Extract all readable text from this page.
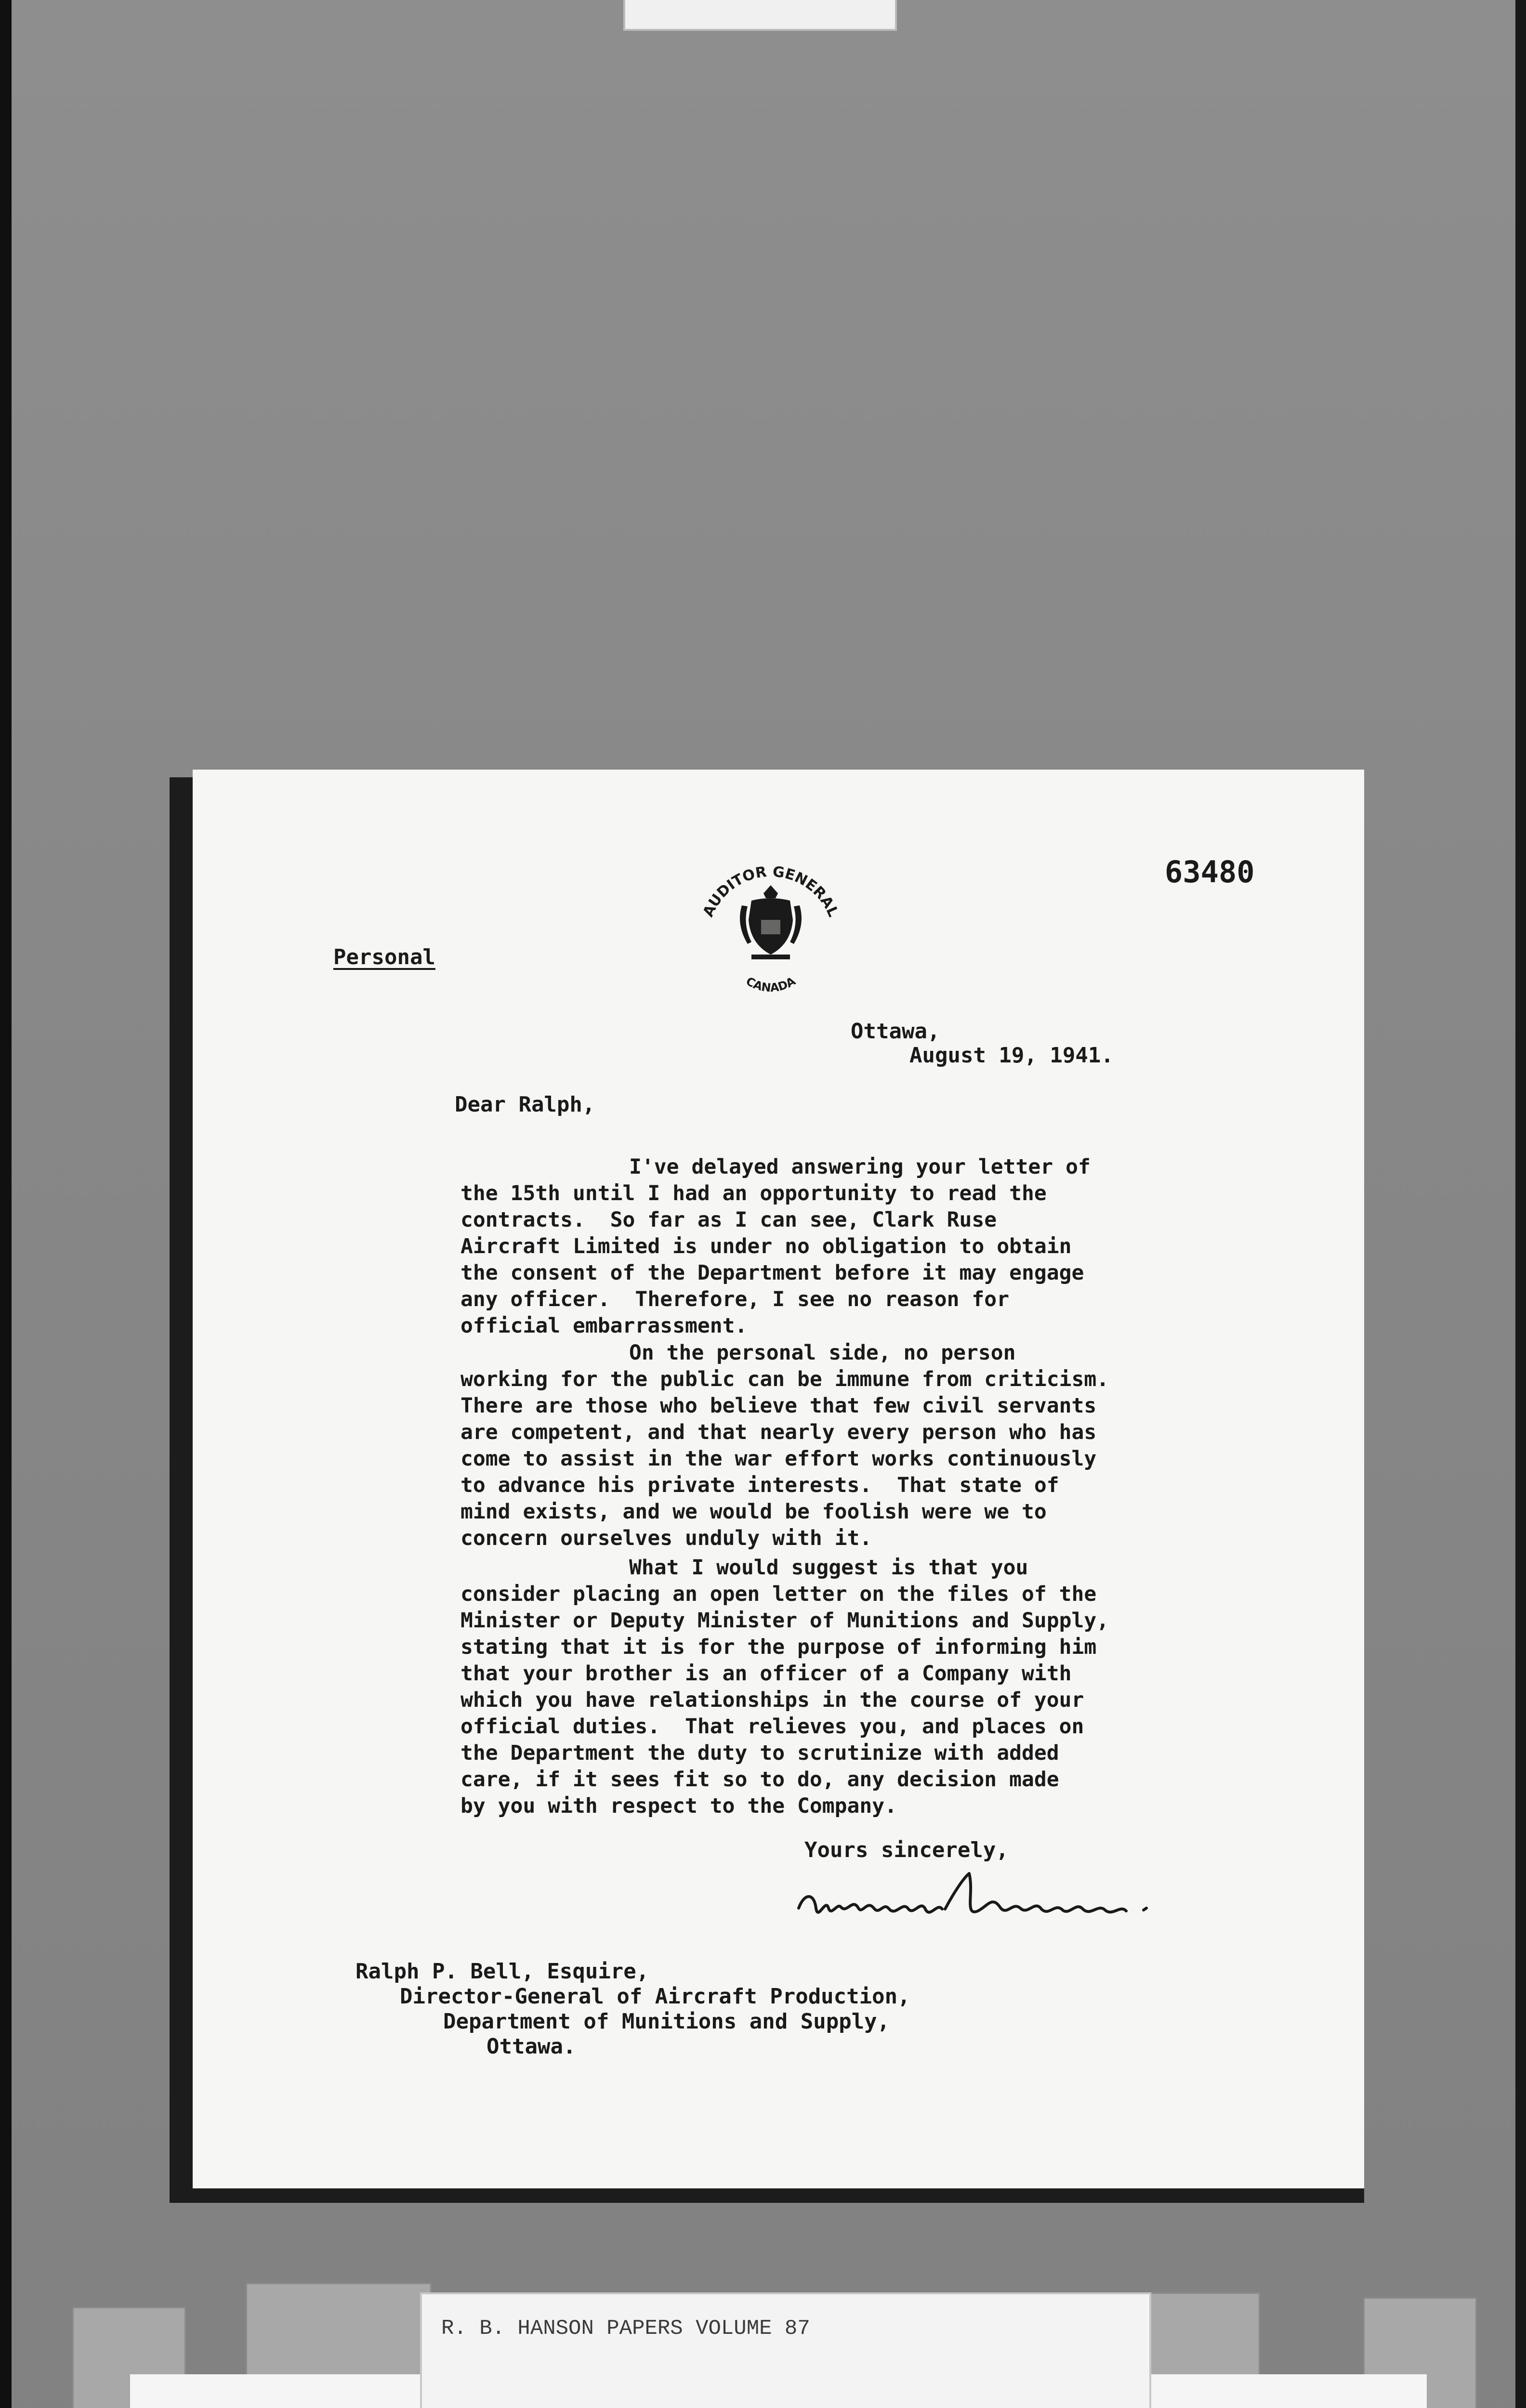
Personal
63480
AUDITOR GENERAL
CANADA
Ottawa,
August 19, 1941.
Dear Ralph,
I've delayed answering your letter of
the 15th until I had an opportunity to read the
contracts.  So far as I can see, Clark Ruse
Aircraft Limited is under no obligation to obtain
the consent of the Department before it may engage
any officer.  Therefore, I see no reason for
official embarrassment.
On the personal side, no person
working for the public can be immune from criticism.
There are those who believe that few civil servants
are competent, and that nearly every person who has
come to assist in the war effort works continuously
to advance his private interests.  That state of
mind exists, and we would be foolish were we to
concern ourselves unduly with it.
What I would suggest is that you
consider placing an open letter on the files of the
Minister or Deputy Minister of Munitions and Supply,
stating that it is for the purpose of informing him
that your brother is an officer of a Company with
which you have relationships in the course of your
official duties.  That relieves you, and places on
the Department the duty to scrutinize with added
care, if it sees fit so to do, any decision made
by you with respect to the Company.
Yours sincerely,
Ralph P. Bell, Esquire,
Director-General of Aircraft Production,
Department of Munitions and Supply,
Ottawa.
R. B. HANSON PAPERS VOLUME 87
